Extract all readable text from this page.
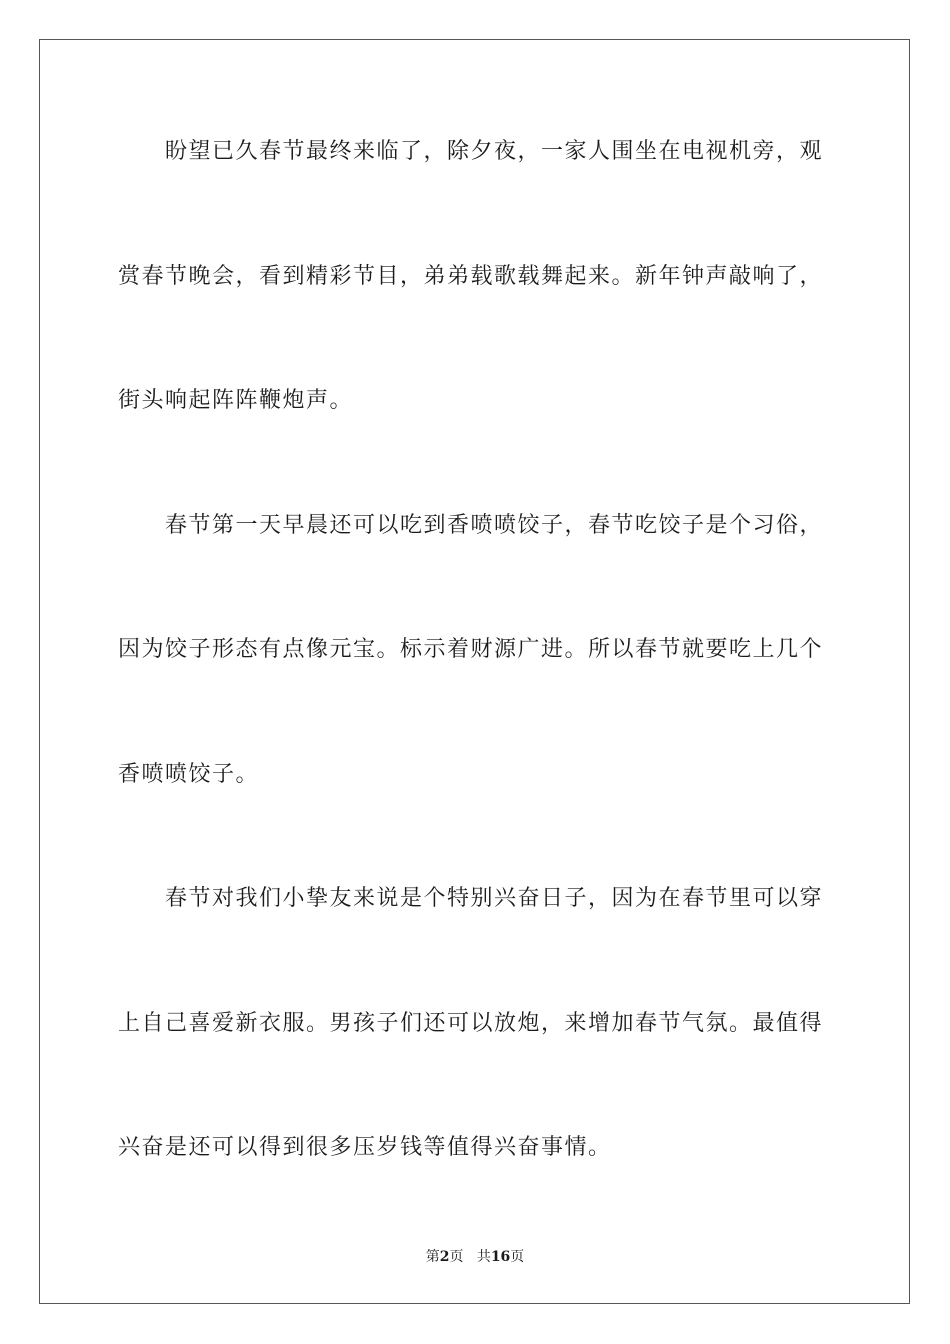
　　盼望已久春节最终来临了，除夕夜，一家人围坐在电视机旁，观
赏春节晚会，看到精彩节目，弟弟载歌载舞起来。新年钟声敲响了，
街头响起阵阵鞭炮声。
　　春节第一天早晨还可以吃到香喷喷饺子，春节吃饺子是个习俗，
因为饺子形态有点像元宝。标示着财源广进。所以春节就要吃上几个
香喷喷饺子。
　　春节对我们小挚友来说是个特别兴奋日子，因为在春节里可以穿
上自己喜爱新衣服。男孩子们还可以放炮，来增加春节气氛。最值得
兴奋是还可以得到很多压岁钱等值得兴奋事情。
第2页 共16页
